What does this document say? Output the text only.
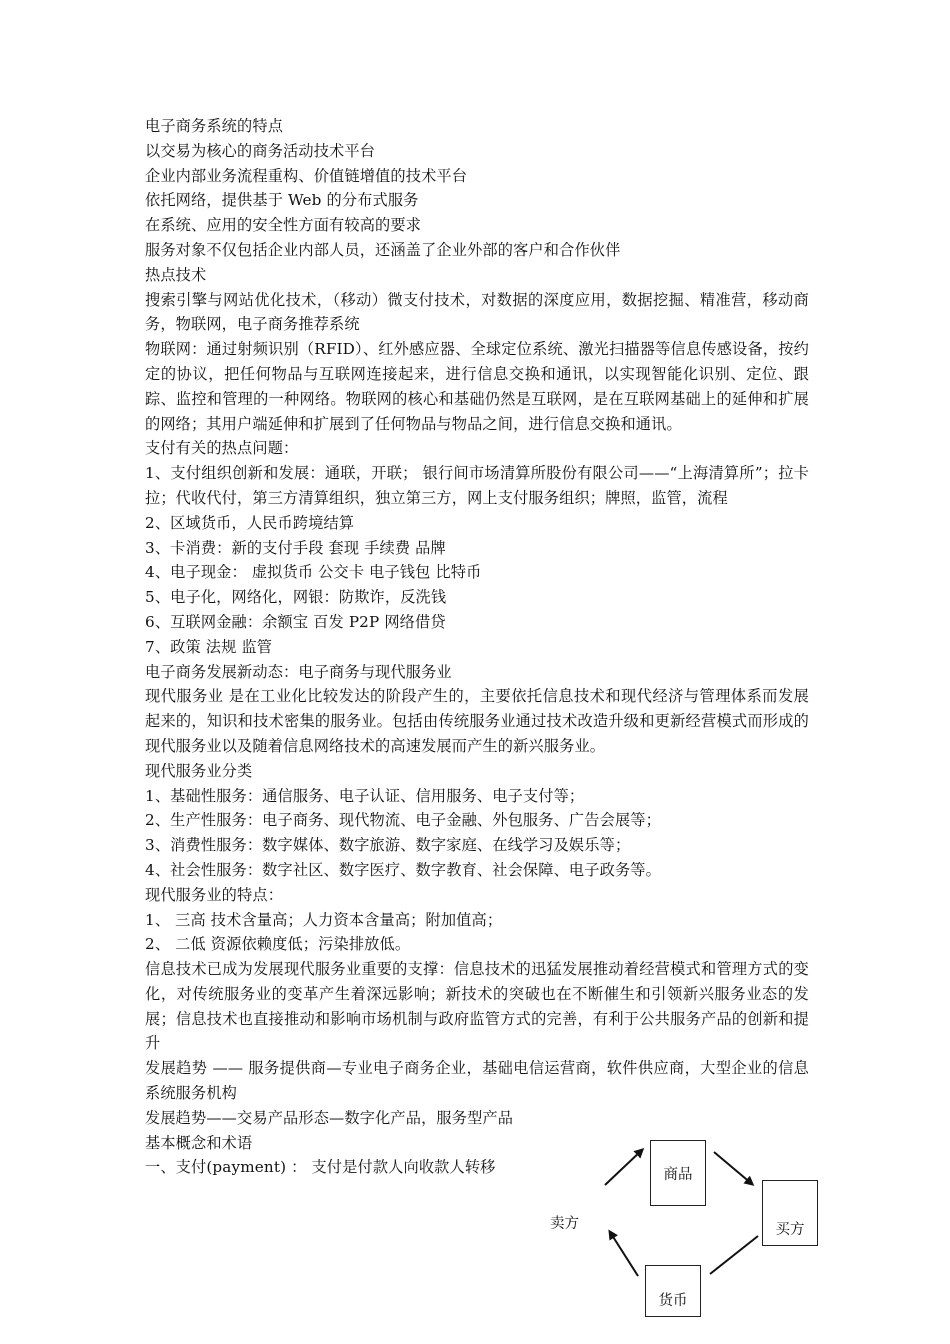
电子商务系统的特点

以交易为核心的商务活动技术平台

企业内部业务流程重构、价值链增值的技术平台

依托网络，提供基于 Web 的分布式服务

在系统、应用的安全性方面有较高的要求

服务对象不仅包括企业内部人员，还涵盖了企业外部的客户和合作伙伴

热点技术

搜索引擎与网站优化技术，（移动）微支付技术，对数据的深度应用，数据挖掘、精准营，移动商务，物联网，电子商务推荐系统

物联网：通过射频识别（RFID）、红外感应器、全球定位系统、激光扫描器等信息传感设备，按约定的协议，把任何物品与互联网连接起来，进行信息交换和通讯，以实现智能化识别、定位、跟踪、监控和管理的一种网络。物联网的核心和基础仍然是互联网，是在互联网基础上的延伸和扩展的网络；其用户端延伸和扩展到了任何物品与物品之间，进行信息交换和通讯。

支付有关的热点问题：

1、支付组织创新和发展：通联，开联； 银行间市场清算所股份有限公司——“上海清算所”；拉卡拉；代收代付，第三方清算组织，独立第三方，网上支付服务组织；牌照，监管，流程

2、区域货币，人民币跨境结算

3、卡消费：新的支付手段 套现 手续费 品牌

4、电子现金： 虚拟货币 公交卡 电子钱包 比特币

5、电子化，网络化，网银：防欺诈，反洗钱

6、互联网金融：余额宝 百发 P2P 网络借贷

7、政策 法规 监管

电子商务发展新动态：电子商务与现代服务业

现代服务业 是在工业化比较发达的阶段产生的，主要依托信息技术和现代经济与管理体系而发展起来的，知识和技术密集的服务业。包括由传统服务业通过技术改造升级和更新经营模式而形成的现代服务业以及随着信息网络技术的高速发展而产生的新兴服务业。

现代服务业分类

1、基础性服务：通信服务、电子认证、信用服务、电子支付等；

2、生产性服务：电子商务、现代物流、电子金融、外包服务、广告会展等；

3、消费性服务：数字媒体、数字旅游、数字家庭、在线学习及娱乐等；

4、社会性服务：数字社区、数字医疗、数字教育、社会保障、电子政务等。

现代服务业的特点：

1、 三高 技术含量高；人力资本含量高；附加值高；

2、 二低 资源依赖度低；污染排放低。

信息技术已成为发展现代服务业重要的支撑：信息技术的迅猛发展推动着经营模式和管理方式的变化，对传统服务业的变革产生着深远影响；新技术的突破也在不断催生和引领新兴服务业态的发展；信息技术也直接推动和影响市场机制与政府监管方式的完善，有利于公共服务产品的创新和提升

发展趋势 —— 服务提供商—专业电子商务企业，基础电信运营商，软件供应商，大型企业的信息系统服务机构

发展趋势——交易产品形态—数字化产品，服务型产品

基本概念和术语

一、支付(payment) ： 支付是付款人向收款人转移	商品
买方
货币
卖方
